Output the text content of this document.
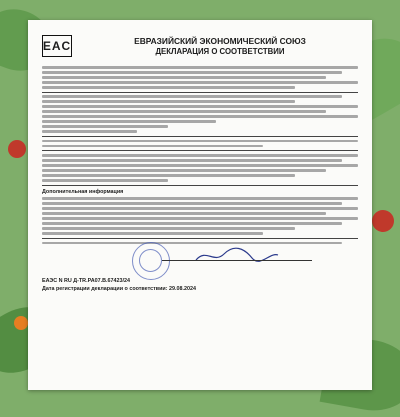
EAC	ЕВРАЗИЙСКИЙ ЭКОНОМИЧЕСКИЙ СОЮЗ
ДЕКЛАРАЦИЯ О СООТВЕТСТВИИ
Дополнительная информация
ЕАЭС N RU Д-TR.PA07.B.67423/24
Дата регистрации декларации о соответствии: 29.08.2024
